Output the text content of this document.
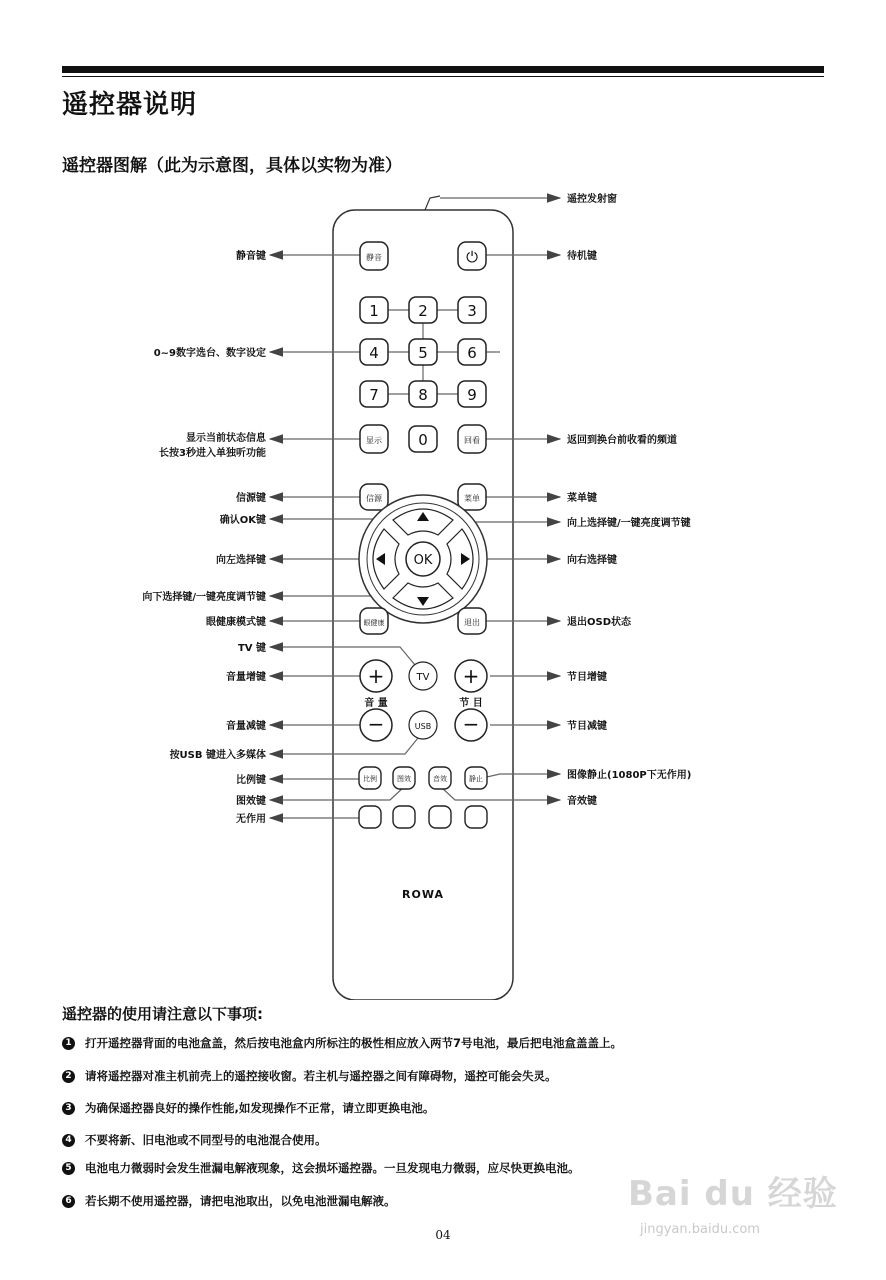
遥控器说明
遥控器图解（此为示意图，具体以实物为准）
静音	⏻
1	2	3
4	5	6
7	8	9
0
显示	回看
信源	菜单
OK
眼健康	退出
+	TV +
音 量	节 目
−	USB −
比例	图效	音效	静止
ROWA
静音键
0~9数字选台、数字设定
显示当前状态信息
长按3秒进入单独听功能
信源键
确认OK键
向左选择键
向下选择键/一键亮度调节键
眼健康模式键
TV 键
音量增键
音量减键
按USB 键进入多媒体
比例键
图效键
无作用
遥控发射窗
待机键
返回到换台前收看的频道
菜单键
向上选择键/一键亮度调节键
向右选择键
退出OSD状态
节目增键
节目减键
图像静止(1080P下无作用)
音效键
遥控器的使用请注意以下事项:
1 打开遥控器背面的电池盒盖，然后按电池盒内所标注的极性相应放入两节7号电池，最后把电池盒盖盖上。
2 请将遥控器对准主机前壳上的遥控接收窗。若主机与遥控器之间有障碍物，遥控可能会失灵。
3 为确保遥控器良好的操作性能,如发现操作不正常，请立即更换电池。
4 不要将新、旧电池或不同型号的电池混合使用。
5 电池电力微弱时会发生泄漏电解液现象，这会损坏遥控器。一旦发现电力微弱，应尽快更换电池。
6 若长期不使用遥控器，请把电池取出，以免电池泄漏电解液。	Bai du 经验
jingyan.baidu.com
04
